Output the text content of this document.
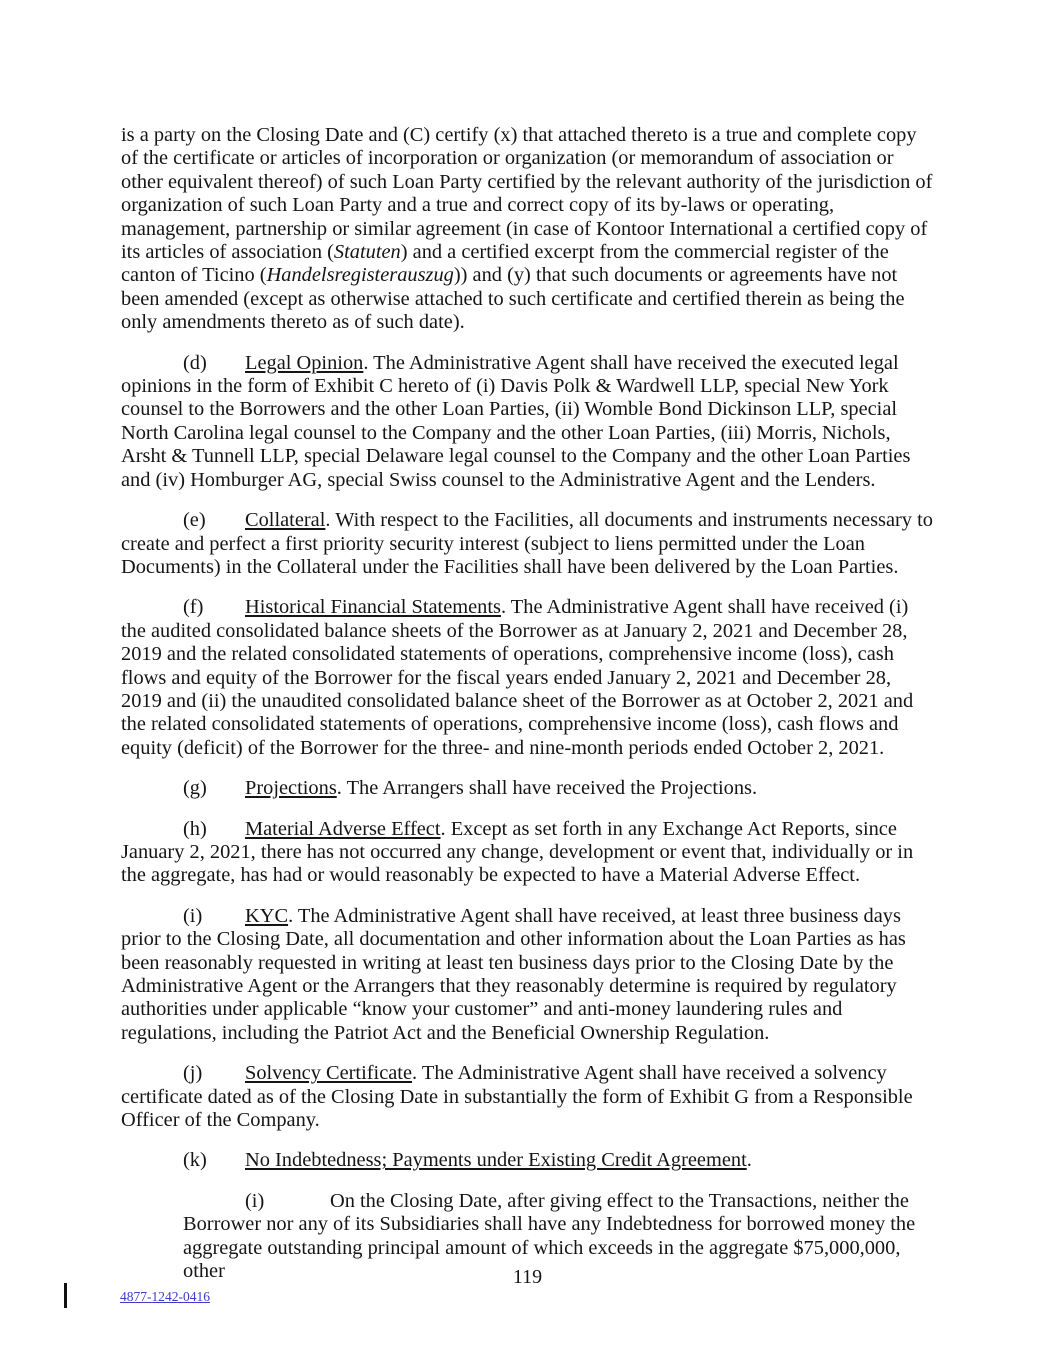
is a party on the Closing Date and (C) certify (x) that attached thereto is a true and complete copy of the certificate or articles of incorporation or organization (or memorandum of association or other equivalent thereof) of such Loan Party certified by the relevant authority of the jurisdiction of organization of such Loan Party and a true and correct copy of its by-laws or operating, management, partnership or similar agreement (in case of Kontoor International a certified copy of its articles of association (Statuten) and a certified excerpt from the commercial register of the canton of Ticino (Handelsregisterauszug)) and (y) that such documents or agreements have not been amended (except as otherwise attached to such certificate and certified therein as being the only amendments thereto as of such date).

(d) Legal Opinion. The Administrative Agent shall have received the executed legal opinions in the form of Exhibit C hereto of (i) Davis Polk & Wardwell LLP, special New York counsel to the Borrowers and the other Loan Parties, (ii) Womble Bond Dickinson LLP, special North Carolina legal counsel to the Company and the other Loan Parties, (iii) Morris, Nichols, Arsht & Tunnell LLP, special Delaware legal counsel to the Company and the other Loan Parties and (iv) Homburger AG, special Swiss counsel to the Administrative Agent and the Lenders.

(e) Collateral. With respect to the Facilities, all documents and instruments necessary to create and perfect a first priority security interest (subject to liens permitted under the Loan Documents) in the Collateral under the Facilities shall have been delivered by the Loan Parties.

(f) Historical Financial Statements. The Administrative Agent shall have received (i) the audited consolidated balance sheets of the Borrower as at January 2, 2021 and December 28, 2019 and the related consolidated statements of operations, comprehensive income (loss), cash flows and equity of the Borrower for the fiscal years ended January 2, 2021 and December 28, 2019 and (ii) the unaudited consolidated balance sheet of the Borrower as at October 2, 2021 and the related consolidated statements of operations, comprehensive income (loss), cash flows and equity (deficit) of the Borrower for the three- and nine-month periods ended October 2, 2021.

(g) Projections. The Arrangers shall have received the Projections.

(h) Material Adverse Effect. Except as set forth in any Exchange Act Reports, since January 2, 2021, there has not occurred any change, development or event that, individually or in the aggregate, has had or would reasonably be expected to have a Material Adverse Effect.

(i) KYC. The Administrative Agent shall have received, at least three business days prior to the Closing Date, all documentation and other information about the Loan Parties as has been reasonably requested in writing at least ten business days prior to the Closing Date by the Administrative Agent or the Arrangers that they reasonably determine is required by regulatory authorities under applicable “know your customer” and anti-money laundering rules and regulations, including the Patriot Act and the Beneficial Ownership Regulation.

(j) Solvency Certificate. The Administrative Agent shall have received a solvency certificate dated as of the Closing Date in substantially the form of Exhibit G from a Responsible Officer of the Company.

(k) No Indebtedness; Payments under Existing Credit Agreement.

(i)	On the Closing Date, after giving effect to the Transactions, neither the Borrower nor any of its Subsidiaries shall have any Indebtedness for borrowed money the aggregate outstanding principal amount of which exceeds in the aggregate $75,000,000, other	119
4877-1242-0416
